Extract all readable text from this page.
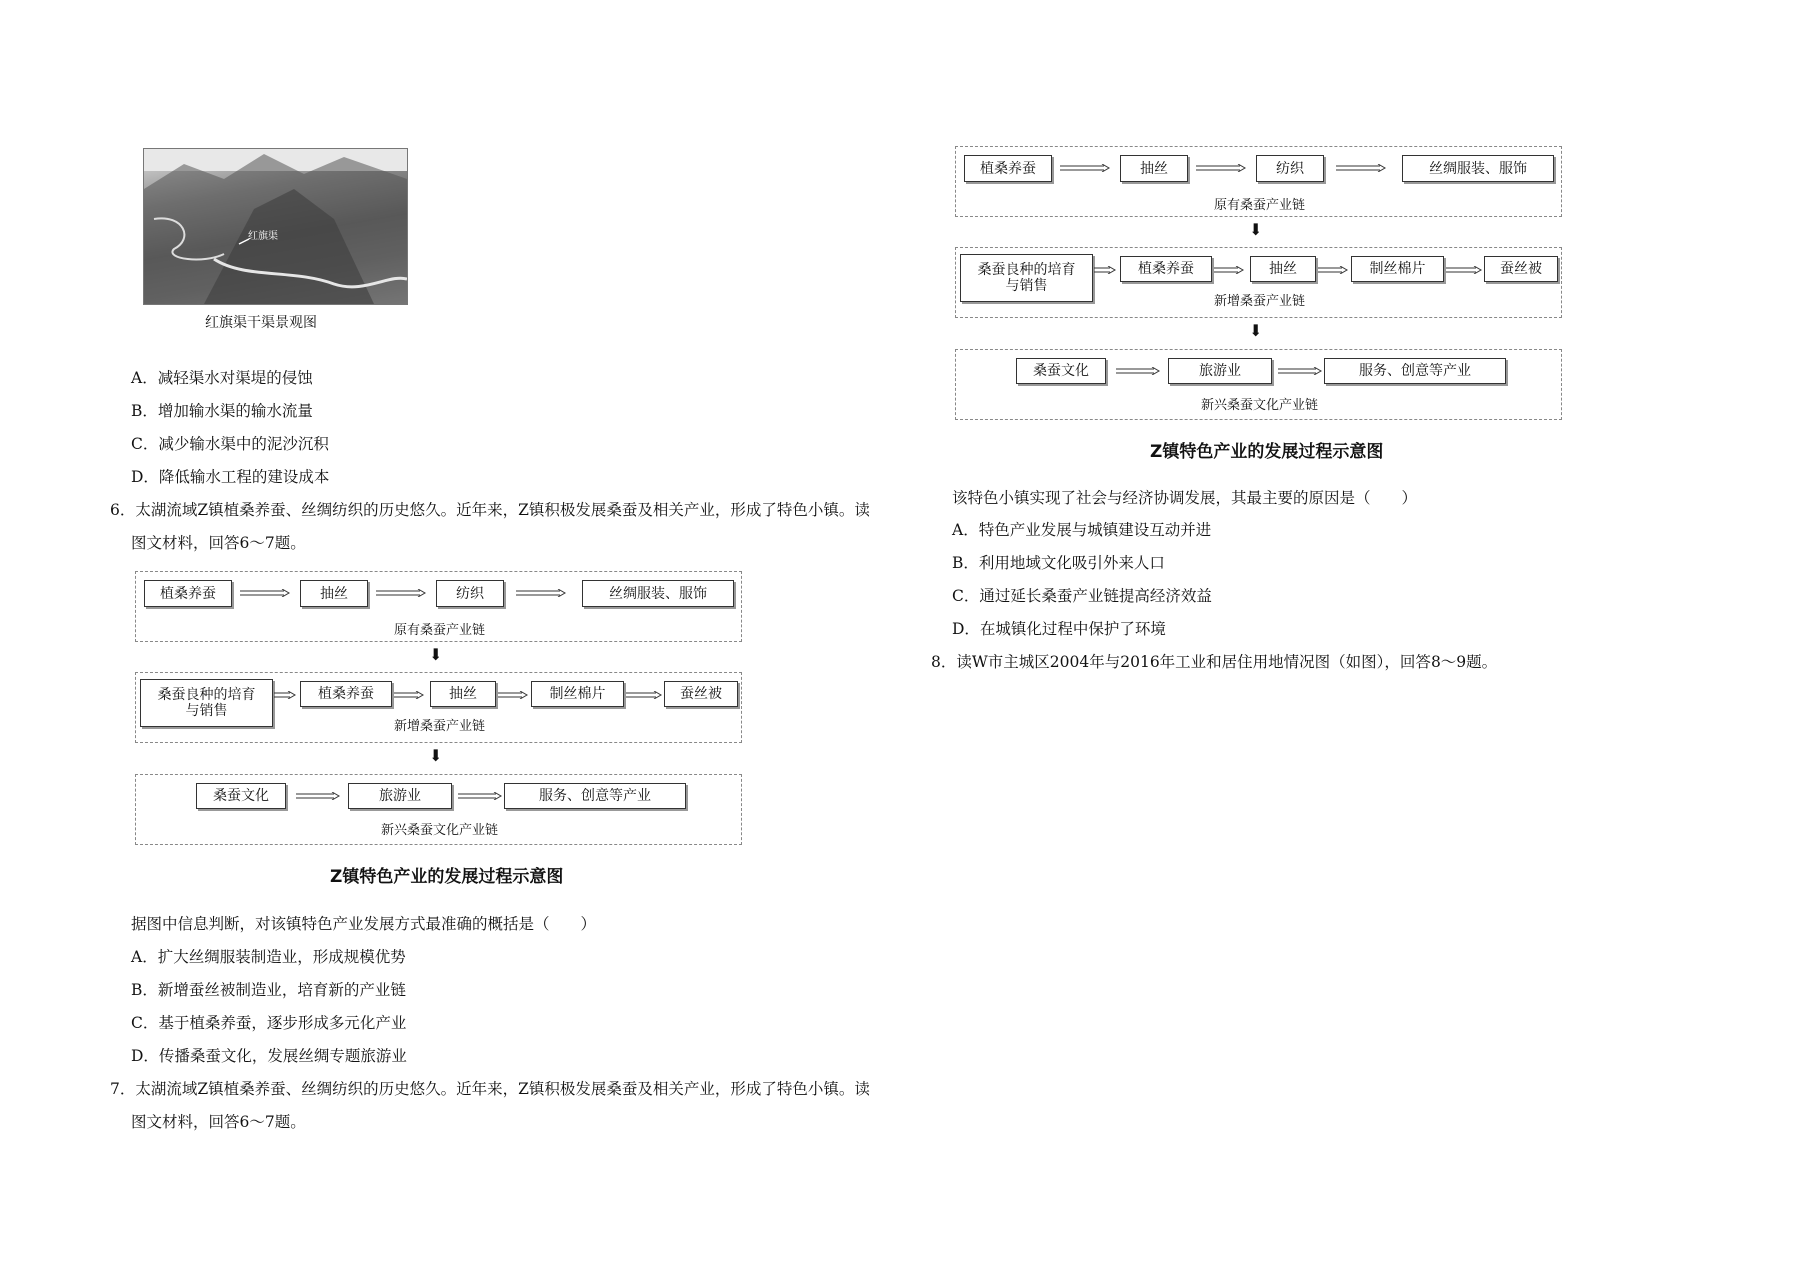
红旗渠
红旗渠干渠景观图
A．减轻渠水对渠堤的侵蚀
B．增加输水渠的输水流量
C．减少输水渠中的泥沙沉积
D．降低输水工程的建设成本
6．太湖流域Z镇植桑养蚕、丝绸纺织的历史悠久。近年来，Z镇积极发展桑蚕及相关产业，形成了特色小镇。读
图文材料，回答6～7题。
植桑养蚕	抽丝	纺织	丝绸服装、服饰
原有桑蚕产业链
⬇
桑蚕良种的培育与销售
植桑养蚕	抽丝	制丝棉片	蚕丝被
新增桑蚕产业链
⬇
桑蚕文化	旅游业	服务、创意等产业
新兴桑蚕文化产业链
Z镇特色产业的发展过程示意图
据图中信息判断，对该镇特色产业发展方式最准确的概括是（　　）
A．扩大丝绸服装制造业，形成规模优势
B．新增蚕丝被制造业，培育新的产业链
C．基于植桑养蚕，逐步形成多元化产业
D．传播桑蚕文化，发展丝绸专题旅游业
7．太湖流域Z镇植桑养蚕、丝绸纺织的历史悠久。近年来，Z镇积极发展桑蚕及相关产业，形成了特色小镇。读
图文材料，回答6～7题。
植桑养蚕	抽丝	纺织	丝绸服装、服饰
原有桑蚕产业链
⬇
桑蚕良种的培育与销售
植桑养蚕	抽丝	制丝棉片	蚕丝被
新增桑蚕产业链
⬇
桑蚕文化	旅游业	服务、创意等产业
新兴桑蚕文化产业链
Z镇特色产业的发展过程示意图
该特色小镇实现了社会与经济协调发展，其最主要的原因是（　　）
A．特色产业发展与城镇建设互动并进
B．利用地域文化吸引外来人口
C．通过延长桑蚕产业链提高经济效益
D．在城镇化过程中保护了环境
8．读W市主城区2004年与2016年工业和居住用地情况图（如图），回答8～9题。
